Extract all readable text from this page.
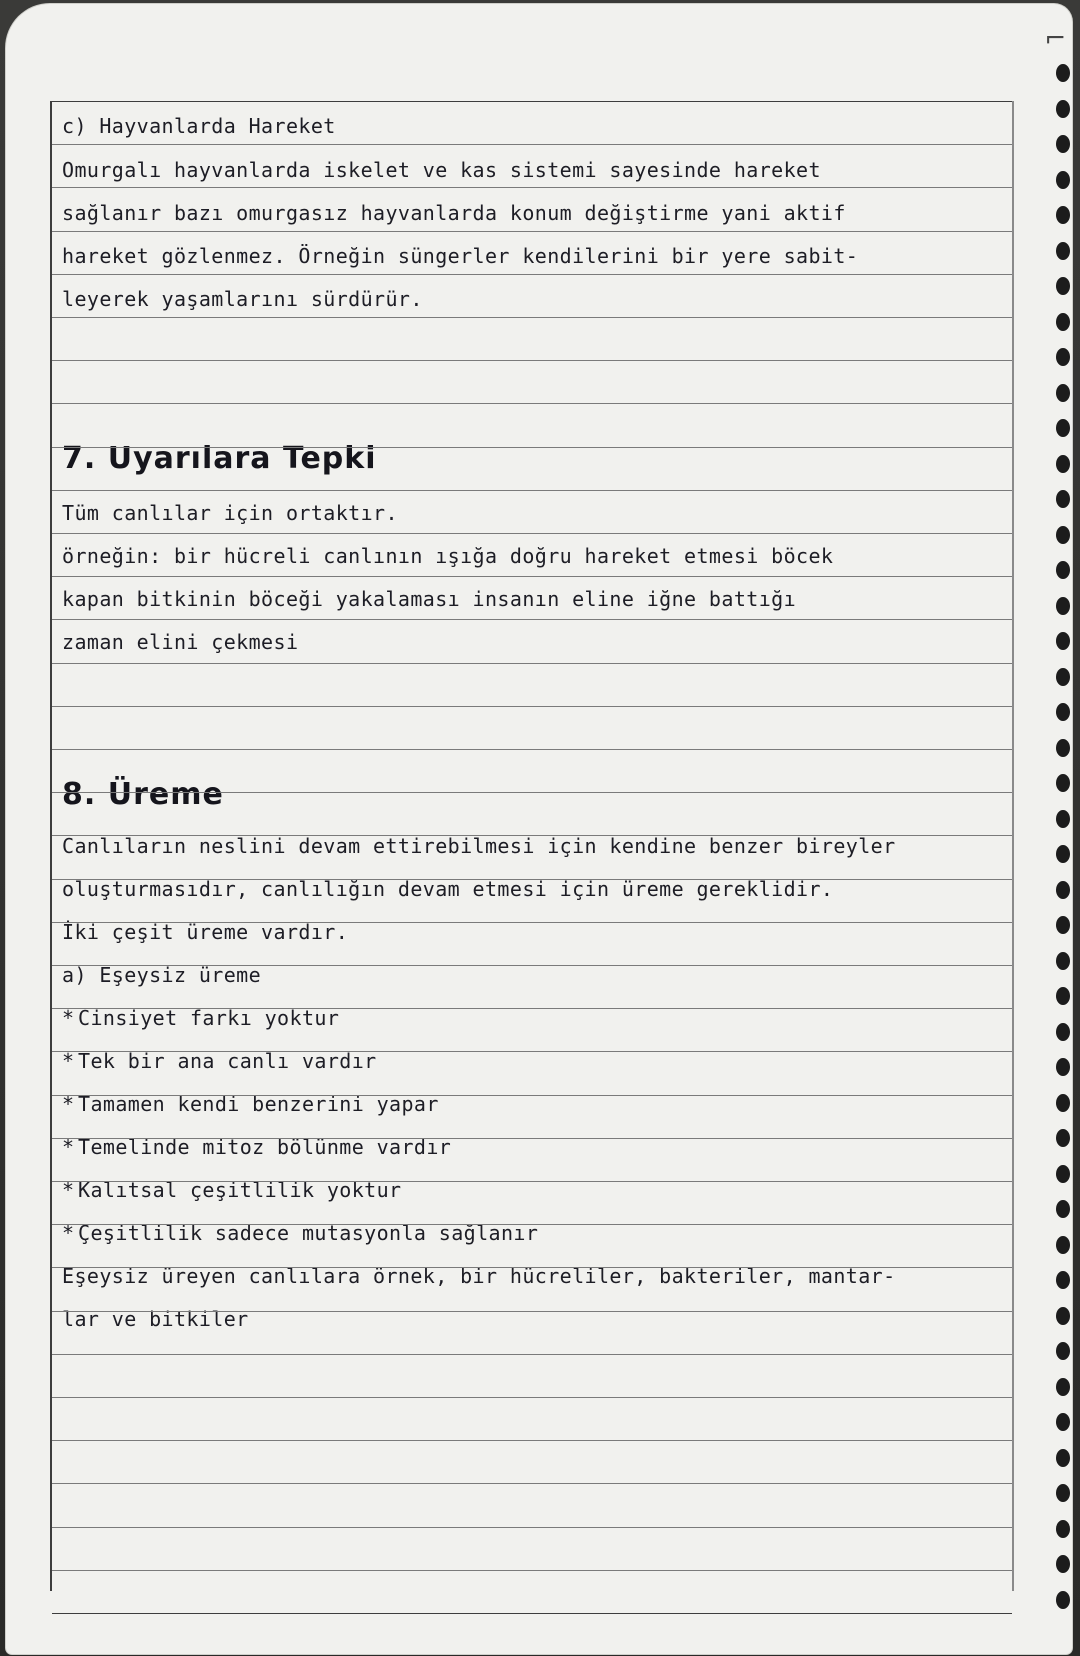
⌐
c) Hayvanlarda Hareket
Omurgalı hayvanlarda iskelet ve kas sistemi sayesinde hareket
sağlanır bazı omurgasız hayvanlarda konum değiştirme yani aktif
hareket gözlenmez. Örneğin süngerler kendilerini bir yere sabit-
leyerek yaşamlarını sürdürür.
7. Uyarılara Tepki
Tüm canlılar için ortaktır.
örneğin: bir hücreli canlının ışığa doğru hareket etmesi böcek
kapan bitkinin böceği yakalaması insanın eline iğne battığı
zaman elini çekmesi
8. Üreme
Canlıların neslini devam ettirebilmesi için kendine benzer bireyler
oluşturmasıdır, canlılığın devam etmesi için üreme gereklidir.
İki çeşit üreme vardır.
a) Eşeysiz üreme
* Cinsiyet farkı yoktur
* Tek bir ana canlı vardır
* Tamamen kendi benzerini yapar
* Temelinde mitoz bölünme vardır
* Kalıtsal çeşitlilik yoktur
* Çeşitlilik sadece mutasyonla sağlanır
Eşeysiz üreyen canlılara örnek, bir hücreliler, bakteriler, mantar-
lar ve bitkiler
